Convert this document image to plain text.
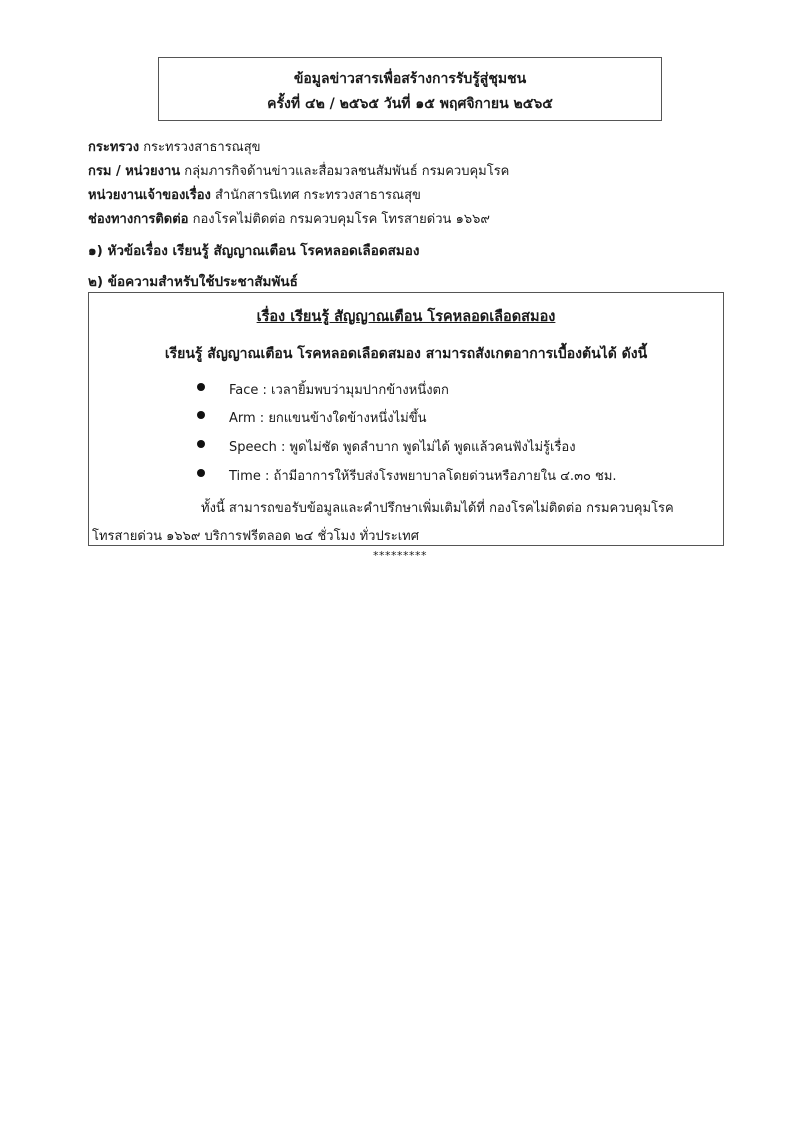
ข้อมูลข่าวสารเพื่อสร้างการรับรู้สู่ชุมชน
ครั้งที่ ๔๒ / ๒๕๖๕ วันที่ ๑๕ พฤศจิกายน ๒๕๖๕
กระทรวง กระทรวงสาธารณสุข
กรม / หน่วยงาน กลุ่มภารกิจด้านข่าวและสื่อมวลชนสัมพันธ์ กรมควบคุมโรค
หน่วยงานเจ้าของเรื่อง สำนักสารนิเทศ กระทรวงสาธารณสุข
ช่องทางการติดต่อ กองโรคไม่ติดต่อ กรมควบคุมโรค โทรสายด่วน ๑๖๖๙
๑) หัวข้อเรื่อง เรียนรู้ สัญญาณเตือน โรคหลอดเลือดสมอง
๒) ข้อความสำหรับใช้ประชาสัมพันธ์
เรื่อง เรียนรู้ สัญญาณเตือน โรคหลอดเลือดสมอง
เรียนรู้ สัญญาณเตือน โรคหลอดเลือดสมอง สามารถสังเกตอาการเบื้องต้นได้ ดังนี้
Face : เวลายิ้มพบว่ามุมปากข้างหนึ่งตก
Arm : ยกแขนข้างใดข้างหนึ่งไม่ขึ้น
Speech : พูดไม่ชัด พูดลำบาก พูดไม่ได้ พูดแล้วคนฟังไม่รู้เรื่อง
Time : ถ้ามีอาการให้รีบส่งโรงพยาบาลโดยด่วนหรือภายใน ๔.๓๐ ชม.
ทั้งนี้ สามารถขอรับข้อมูลและคำปรึกษาเพิ่มเติมได้ที่ กองโรคไม่ติดต่อ กรมควบคุมโรค
โทรสายด่วน ๑๖๖๙ บริการฟรีตลอด ๒๔ ชั่วโมง ทั่วประเทศ
*********
